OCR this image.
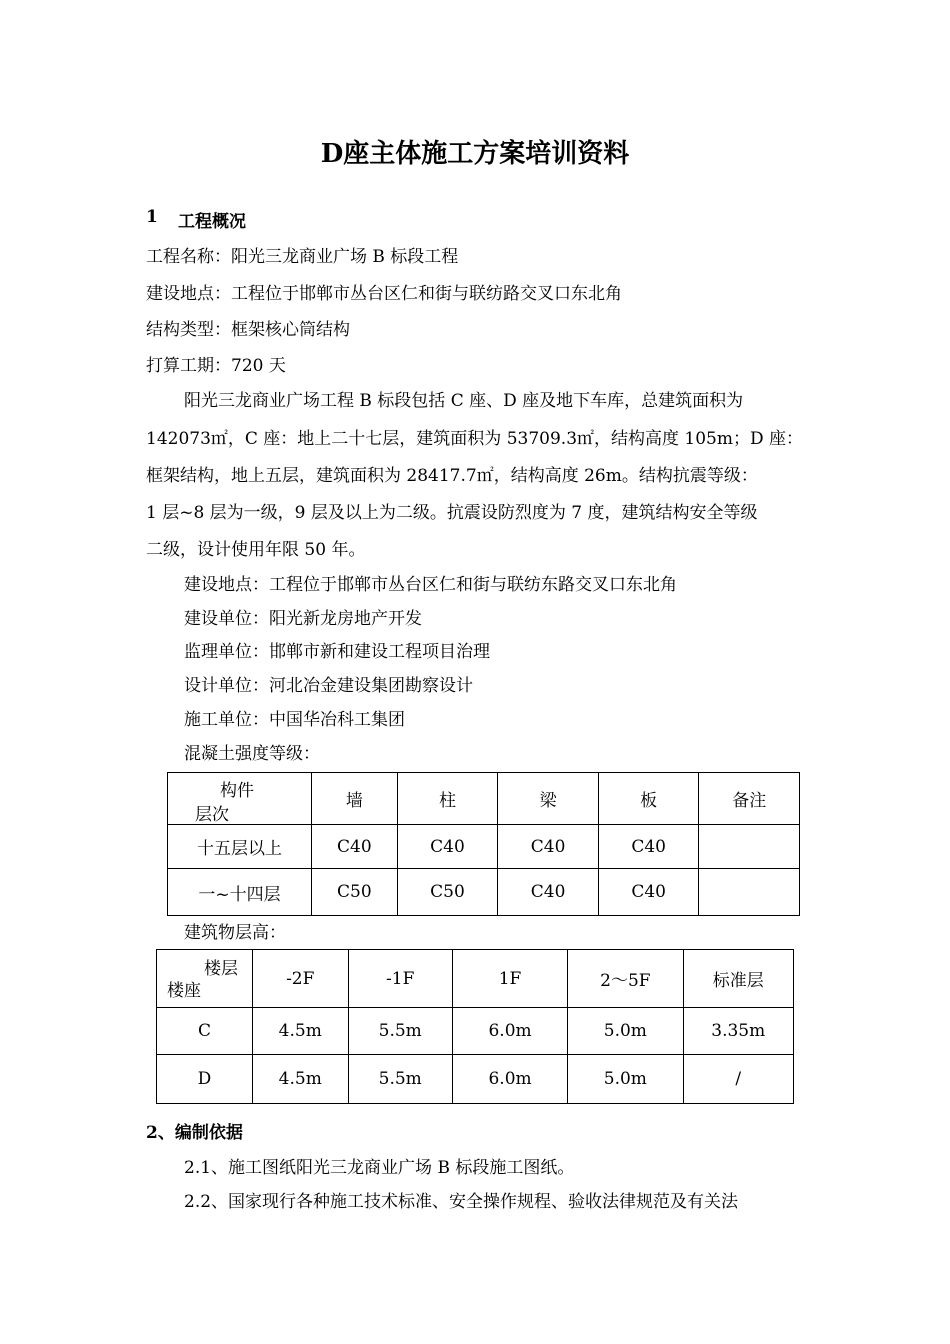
D座主体施工方案培训资料
1 工程概况
工程名称：阳光三龙商业广场 B 标段工程
建设地点：工程位于邯郸市丛台区仁和街与联纺路交叉口东北角
结构类型：框架核心筒结构
打算工期：720 天
阳光三龙商业广场工程 B 标段包括 C 座、D 座及地下车库，总建筑面积为
142073㎡，C 座：地上二十七层，建筑面积为 53709.3㎡，结构高度 105m；D 座：
框架结构，地上五层，建筑面积为 28417.7㎡，结构高度 26m。结构抗震等级：
1 层~8 层为一级，9 层及以上为二级。抗震设防烈度为 7 度，建筑结构安全等级
二级，设计使用年限 50 年。
建设地点：工程位于邯郸市丛台区仁和街与联纺东路交叉口东北角
建设单位：阳光新龙房地产开发
监理单位：邯郸市新和建设工程项目治理
设计单位：河北冶金建设集团勘察设计
施工单位：中国华冶科工集团
混凝土强度等级：
构件
层次	墙	柱	梁	板	备注
十五层以上	C40	C40	C40	C40	
一~十四层	C50	C50	C40	C40	
建筑物层高：
楼层
楼座	-2F	-1F	1F	2～5F	标准层
C	4.5m	5.5m	6.0m	5.0m	3.35m
D	4.5m	5.5m	6.0m	5.0m	/
2、编制依据
2.1、施工图纸阳光三龙商业广场 B 标段施工图纸。
2.2、国家现行各种施工技术标准、安全操作规程、验收法律规范及有关法
